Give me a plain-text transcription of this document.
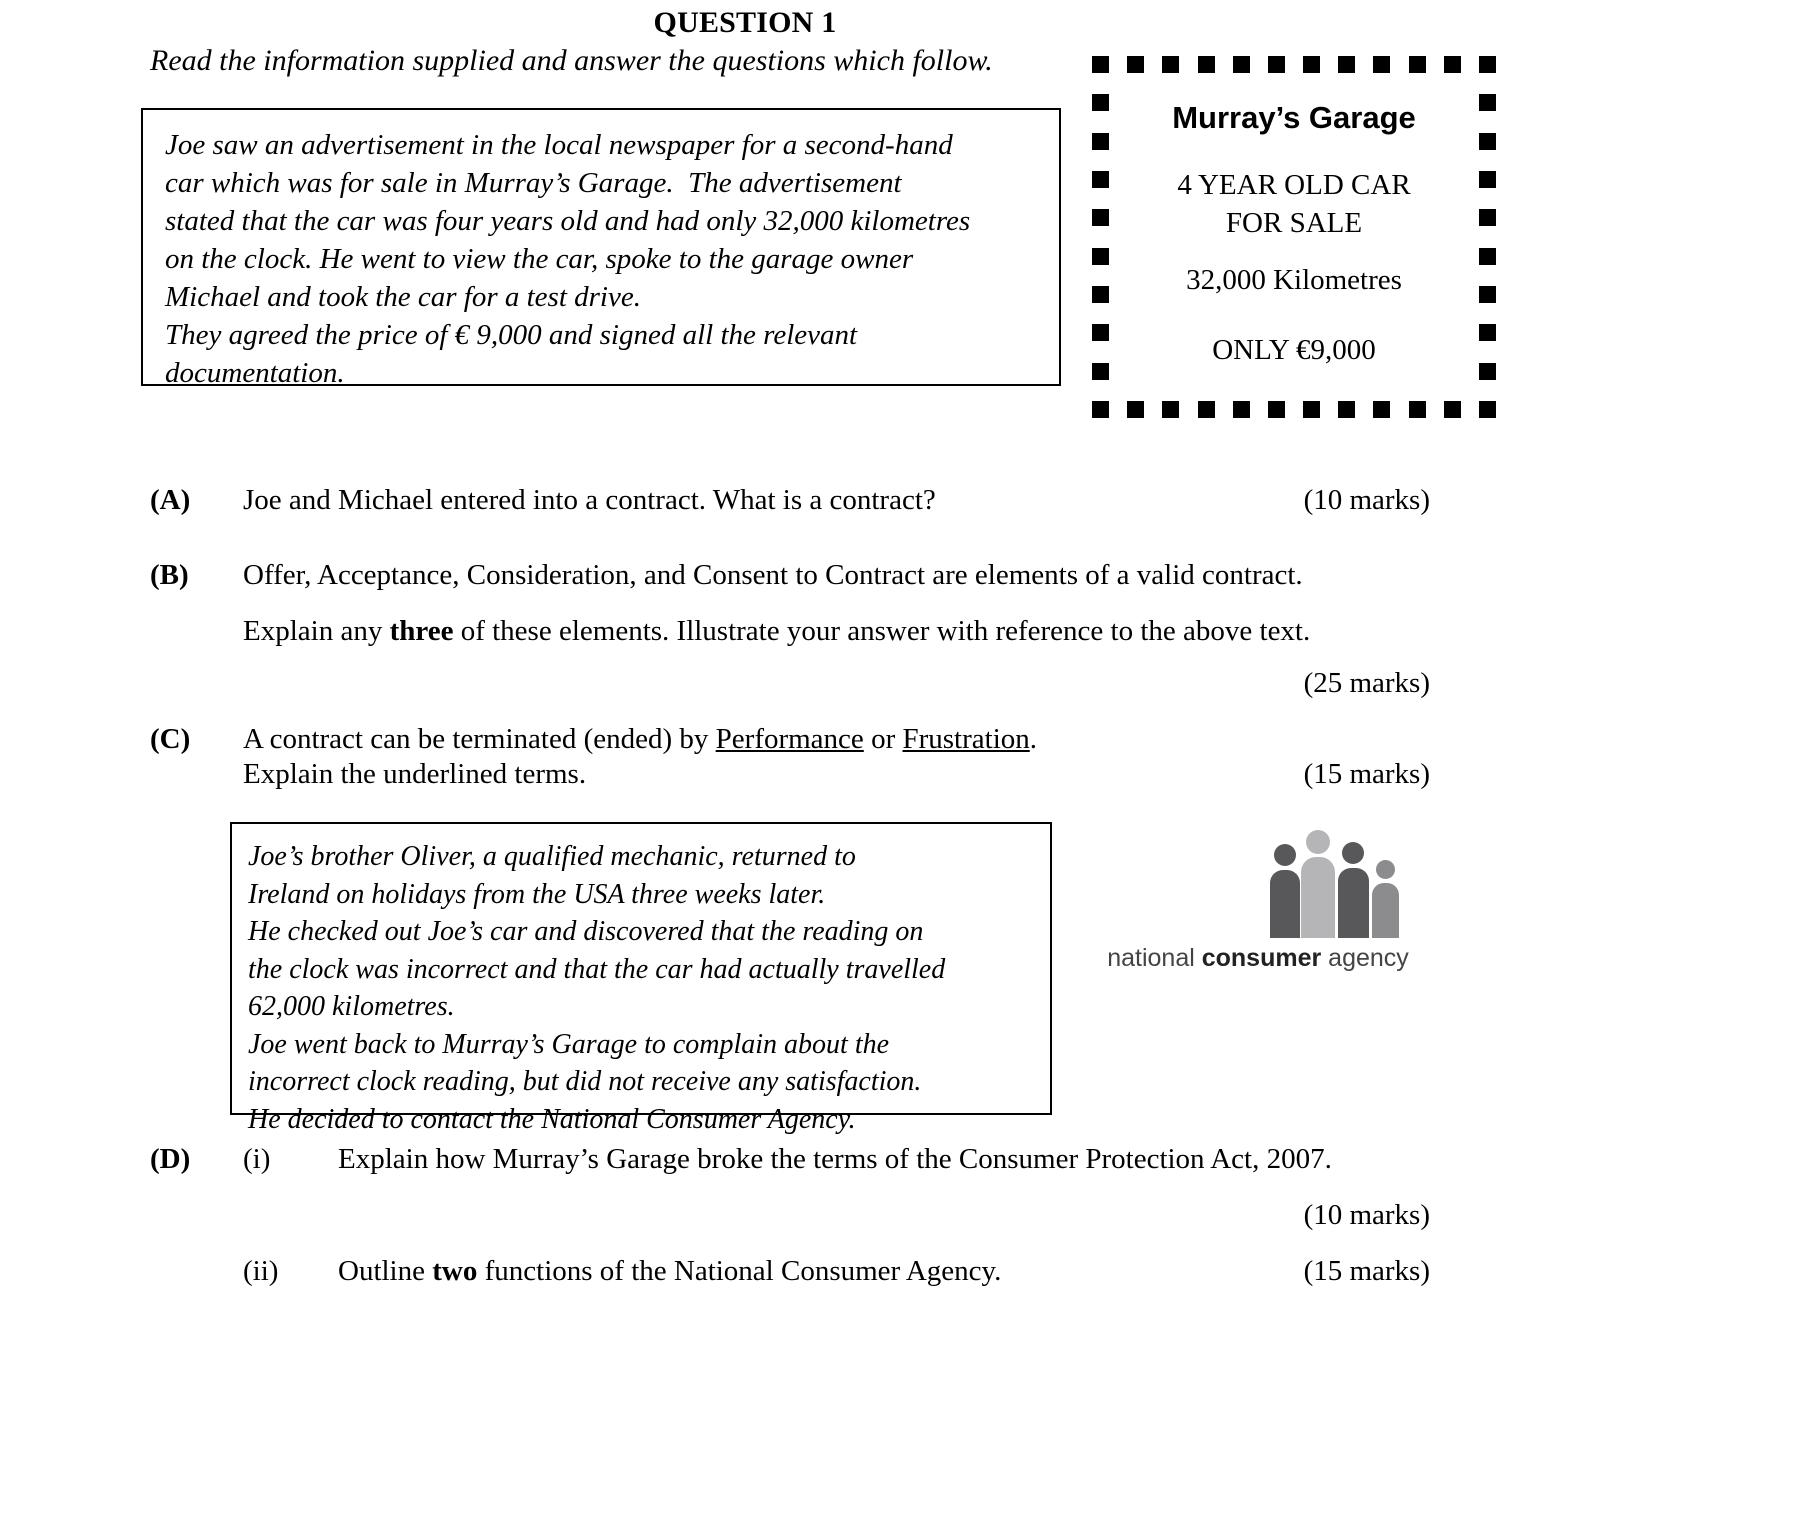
QUESTION 1
Read the information supplied and answer the questions which follow.
Joe saw an advertisement in the local newspaper for a second-hand
car which was for sale in Murray’s Garage.  The advertisement
stated that the car was four years old and had only 32,000 kilometres
on the clock. He went to view the car, spoke to the garage owner
Michael and took the car for a test drive.
They agreed the price of € 9,000 and signed all the relevant
documentation.
Murray’s Garage
4 YEAR OLD CAR
FOR SALE
32,000 Kilometres
ONLY €9,000
(A) Joe and Michael entered into a contract. What is a contract?	(10 marks)
(B) Offer, Acceptance, Consideration, and Consent to Contract are elements of a valid contract.
Explain any three of these elements. Illustrate your answer with reference to the above text.
(25 marks)
(C) A contract can be terminated (ended) by Performance or Frustration.
Explain the underlined terms.	(15 marks)
Joe’s brother Oliver, a qualified mechanic, returned to
Ireland on holidays from the USA three weeks later.
He checked out Joe’s car and discovered that the reading on
the clock was incorrect and that the car had actually travelled
62,000 kilometres.
Joe went back to Murray’s Garage to complain about the
incorrect clock reading, but did not receive any satisfaction.
He decided to contact the National Consumer Agency.
national consumer agency
(D) (i) Explain how Murray’s Garage broke the terms of the Consumer Protection Act, 2007.
(10 marks)
(ii) Outline two functions of the National Consumer Agency.	(15 marks)
